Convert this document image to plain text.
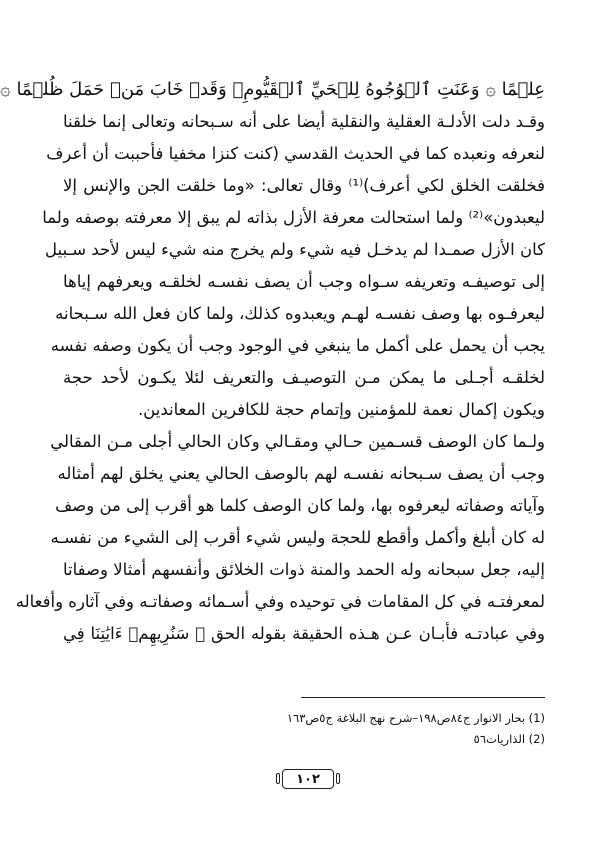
عِلۡمًا ۞ وَعَنَتِ ٱلۡوُجُوهُ لِلۡحَيِّ ٱلۡقَيُّومِۖ وَقَدۡ خَابَ مَنۡ حَمَلَ ظُلۡمًا ۞
وقـد دلت الأدلـة العقلية والنقلية أيضا على أنه سـبحانه وتعالى إنما خلقنا
لنعرفه ونعبده كما في الحديث القدسي (كنت كنزا مخفيا فأحببت أن أعرف
فخلقت الخلق لكي أعرف)⁽¹⁾ وقال تعالى: «وما خلقت الجن والإنس إلا
ليعبدون»⁽²⁾ ولما استحالت معرفة الأزل بذاته لم يبق إلا معرفته بوصفه ولما
كان الأزل صمـدا لم يدخـل فيه شيء ولم يخرج منه شيء ليس لأحد سـبيل
إلى توصيفـه وتعريفه سـواه وجب أن يصف نفسـه لخلقـه ويعرفهم إياها
ليعرفـوه بها وصف نفسـه لهـم ويعبدوه كذلك، ولما كان فعل الله سـبحانه
يجب أن يحمل على أكمل ما ينبغي في الوجود وجب أن يكون وصفه نفسه
لخلقـه أجـلى ما يمكن مـن التوصيـف والتعريف لئلا يكـون لأحد حجة
ويكون إكمال نعمة للمؤمنين وإتمام حجة للكافرين المعاندين.
ولـما كان الوصف قسـمين حـالي ومقـالي وكان الحالي أجلى مـن المقالي
وجب أن يصف سـبحانه نفسـه لهم بالوصف الحالي يعني يخلق لهم أمثاله
وآياته وصفاته ليعرفوه بها، ولما كان الوصف كلما هو أقرب إلى من وصف
له كان أبلغ وأكمل وأقطع للحجة وليس شيء أقرب إلى الشيء من نفسـه
إليه، جعل سبحانه وله الحمد والمنة ذوات الخلائق وأنفسهم أمثالا وصفاتا
لمعرفتـه في كل المقامات في توحيده وفي أسـمائه وصفاتـه وفي آثاره وأفعاله
وفي عبادتـه فأبـان عـن هـذه الحقيقة بقوله الحق ۞ سَنُرِيهِمۡ ءَايَٰتِنَا فِي
(1) بحار الانوار ج٨٤ص١٩٨–شرح نهج البلاغة ج٥ص١٦٣
(2) الذاريات٥٦
١٠٢
